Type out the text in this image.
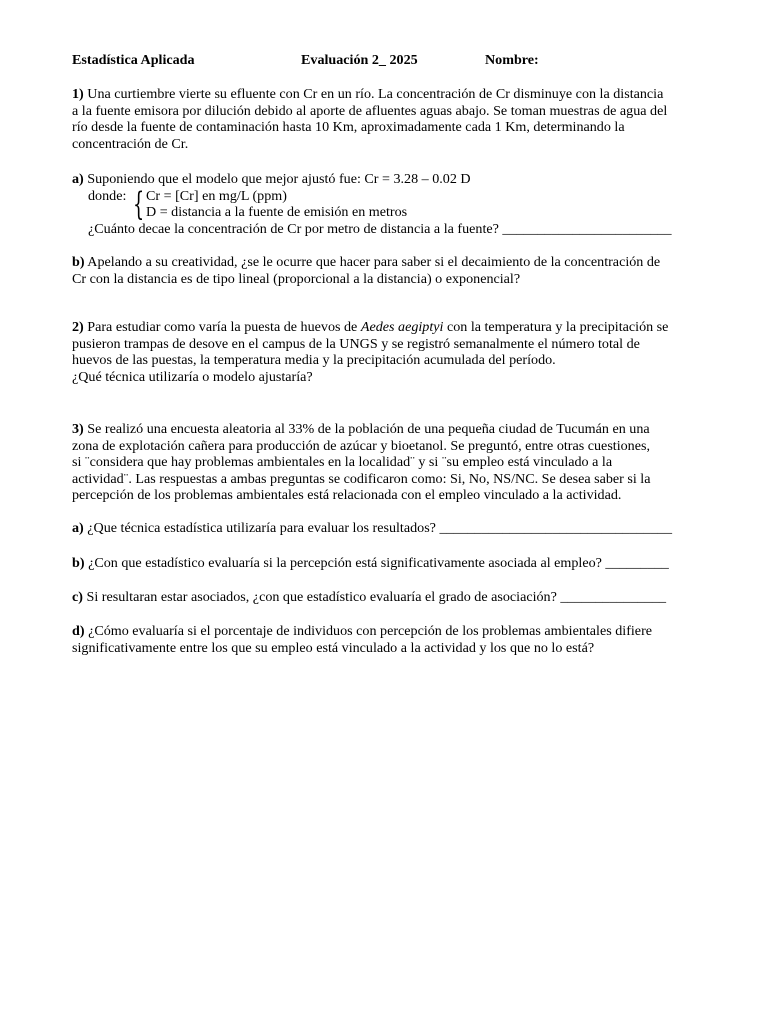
Estadística Aplicada	Evaluación 2_ 2025	Nombre:
1) Una curtiembre vierte su efluente con Cr en un río. La concentración de Cr disminuye con la distancia
a la fuente emisora por dilución debido al aporte de afluentes aguas abajo. Se toman muestras de agua del
río desde la fuente de contaminación hasta 10 Km, aproximadamente cada 1 Km, determinando la
concentración de Cr.
a) Suponiendo que el modelo que mejor ajustó fue: Cr = 3.28 – 0.02 D
donde: { Cr = [Cr] en mg/L (ppm)
D = distancia a la fuente de emisión en metros
¿Cuánto decae la concentración de Cr por metro de distancia a la fuente? ________________________
b) Apelando a su creatividad, ¿se le ocurre que hacer para saber si el decaimiento de la concentración de
Cr con la distancia es de tipo lineal (proporcional a la distancia) o exponencial?
2) Para estudiar como varía la puesta de huevos de Aedes aegiptyi con la temperatura y la precipitación se
pusieron trampas de desove en el campus de la UNGS y se registró semanalmente el número total de
huevos de las puestas, la temperatura media y la precipitación acumulada del período.
¿Qué técnica utilizaría o modelo ajustaría?
3) Se realizó una encuesta aleatoria al 33% de la población de una pequeña ciudad de Tucumán en una
zona de explotación cañera para producción de azúcar y bioetanol. Se preguntó, entre otras cuestiones,
si ¨considera que hay problemas ambientales en la localidad¨ y si ¨su empleo está vinculado a la
actividad¨. Las respuestas a ambas preguntas se codificaron como: Si, No, NS/NC. Se desea saber si la
percepción de los problemas ambientales está relacionada con el empleo vinculado a la actividad.
a) ¿Que técnica estadística utilizaría para evaluar los resultados? _________________________________
b) ¿Con que estadístico evaluaría si la percepción está significativamente asociada al empleo? _________
c) Si resultaran estar asociados, ¿con que estadístico evaluaría el grado de asociación? _______________
d) ¿Cómo evaluaría si el porcentaje de individuos con percepción de los problemas ambientales difiere
significativamente entre los que su empleo está vinculado a la actividad y los que no lo está?
